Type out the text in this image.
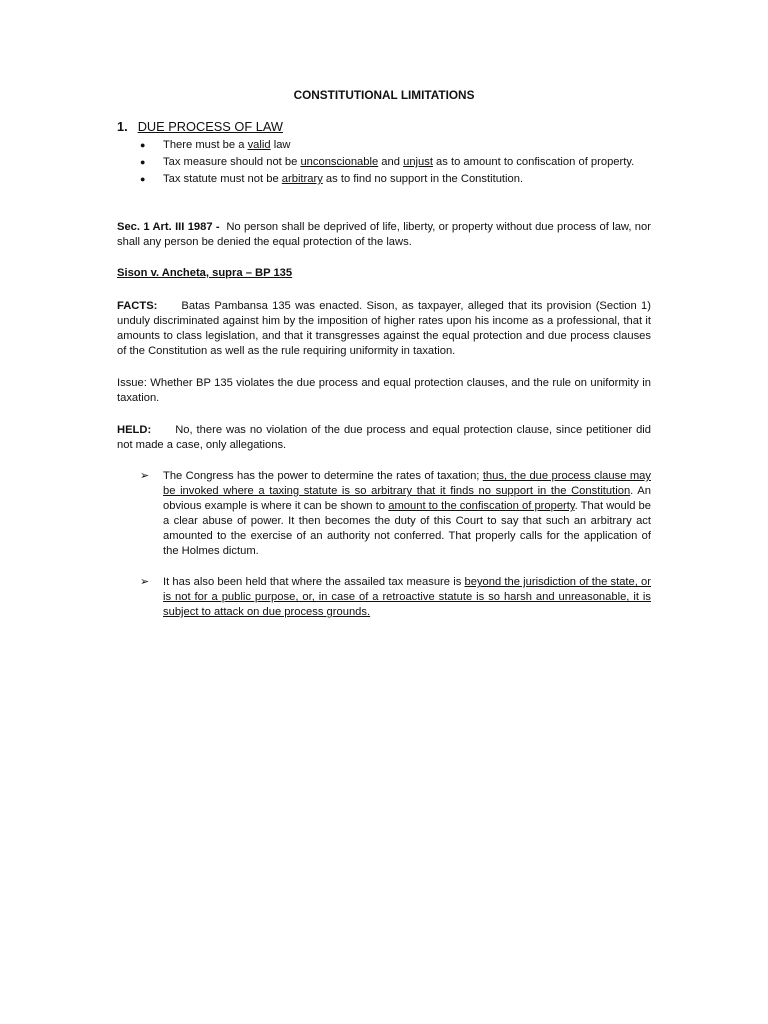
CONSTITUTIONAL LIMITATIONS
1. DUE PROCESS OF LAW
● There must be a valid law
● Tax measure should not be unconscionable and unjust as to amount to confiscation of property.
● Tax statute must not be arbitrary as to find no support in the Constitution.

Sec. 1 Art. III 1987 -  No person shall be deprived of life, liberty, or property without due process of law, nor shall any person be denied the equal protection of the laws.

Sison v. Ancheta, supra – BP 135

FACTS: Batas Pambansa 135 was enacted. Sison, as taxpayer, alleged that its provision (Section 1) unduly discriminated against him by the imposition of higher rates upon his income as a professional, that it amounts to class legislation, and that it transgresses against the equal protection and due process clauses of the Constitution as well as the rule requiring uniformity in taxation.

Issue: Whether BP 135 violates the due process and equal protection clauses, and the rule on uniformity in taxation.

HELD: No, there was no violation of the due process and equal protection clause, since petitioner did not made a case, only allegations.

➢ The Congress has the power to determine the rates of taxation; thus, the due process clause may be invoked where a taxing statute is so arbitrary that it finds no support in the Constitution. An obvious example is where it can be shown to amount to the confiscation of property. That would be a clear abuse of power. It then becomes the duty of this Court to say that such an arbitrary act amounted to the exercise of an authority not conferred. That properly calls for the application of the Holmes dictum.
➢ It has also been held that where the assailed tax measure is beyond the jurisdiction of the state, or is not for a public purpose, or, in case of a retroactive statute is so harsh and unreasonable, it is subject to attack on due process grounds.
